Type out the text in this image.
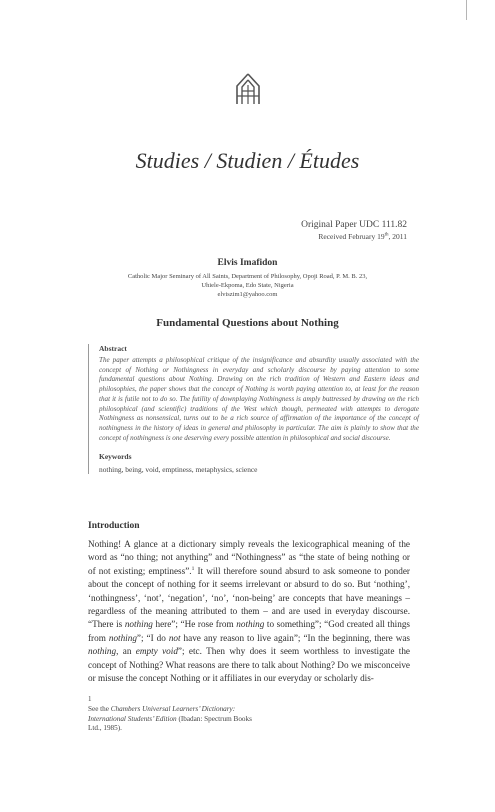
Studies / Studien / Études
Original Paper UDC 111.82
Received February 19th, 2011
Elvis Imafidon
Catholic Major Seminary of All Saints, Department of Philosophy, Opoji Road, P. M. B. 23,
Uhiele-Ekpoma, Edo State, Nigeria
elviszim1@yahoo.com
Fundamental Questions about Nothing
Abstract

The paper attempts a philosophical critique of the insignificance and absurdity usually associated with the concept of Nothing or Nothingness in everyday and scholarly discourse by paying attention to some fundamental questions about Nothing. Drawing on the rich tradition of Western and Eastern ideas and philosophies, the paper shows that the concept of Nothing is worth paying attention to, at least for the reason that it is futile not to do so. The futility of downplaying Nothingness is amply buttressed by drawing on the rich philosophical (and scientific) traditions of the West which though, permeated with attempts to derogate Nothingness as nonsensical, turns out to be a rich source of affirmation of the importance of the concept of nothingness in the history of ideas in general and philosophy in particular. The aim is plainly to show that the concept of nothingness is one deserving every possible attention in philosophical and social discourse.

Keywords

nothing, being, void, emptiness, metaphysics, science

Introduction

Nothing! A glance at a dictionary simply reveals the lexicographical meaning of the word as “no thing; not anything” and “Nothingness” as “the state of being nothing or of not existing; emptiness”.$^1$ It will therefore sound absurd to ask someone to ponder about the concept of nothing for it seems irrelevant or absurd to do so. But ‘nothing’, ‘nothingness’, ‘not’, ‘negation’, ‘no’, ‘non-being’ are concepts that have meanings – regardless of the meaning attributed to them – and are used in everyday discourse. “There is nothing here”; “He rose from nothing to something”; “God created all things from nothing”; “I do not have any reason to live again”; “In the beginning, there was nothing, an empty void”; etc. Then why does it seem worthless to investigate the concept of Nothing? What reasons are there to talk about Nothing? Do we misconceive or misuse the concept Nothing or it affiliates in our everyday or scholarly dis-

1

See the Chambers Universal Learners’ Dictionary: International Students’ Edition (Ibadan: Spectrum Books Ltd., 1985).
